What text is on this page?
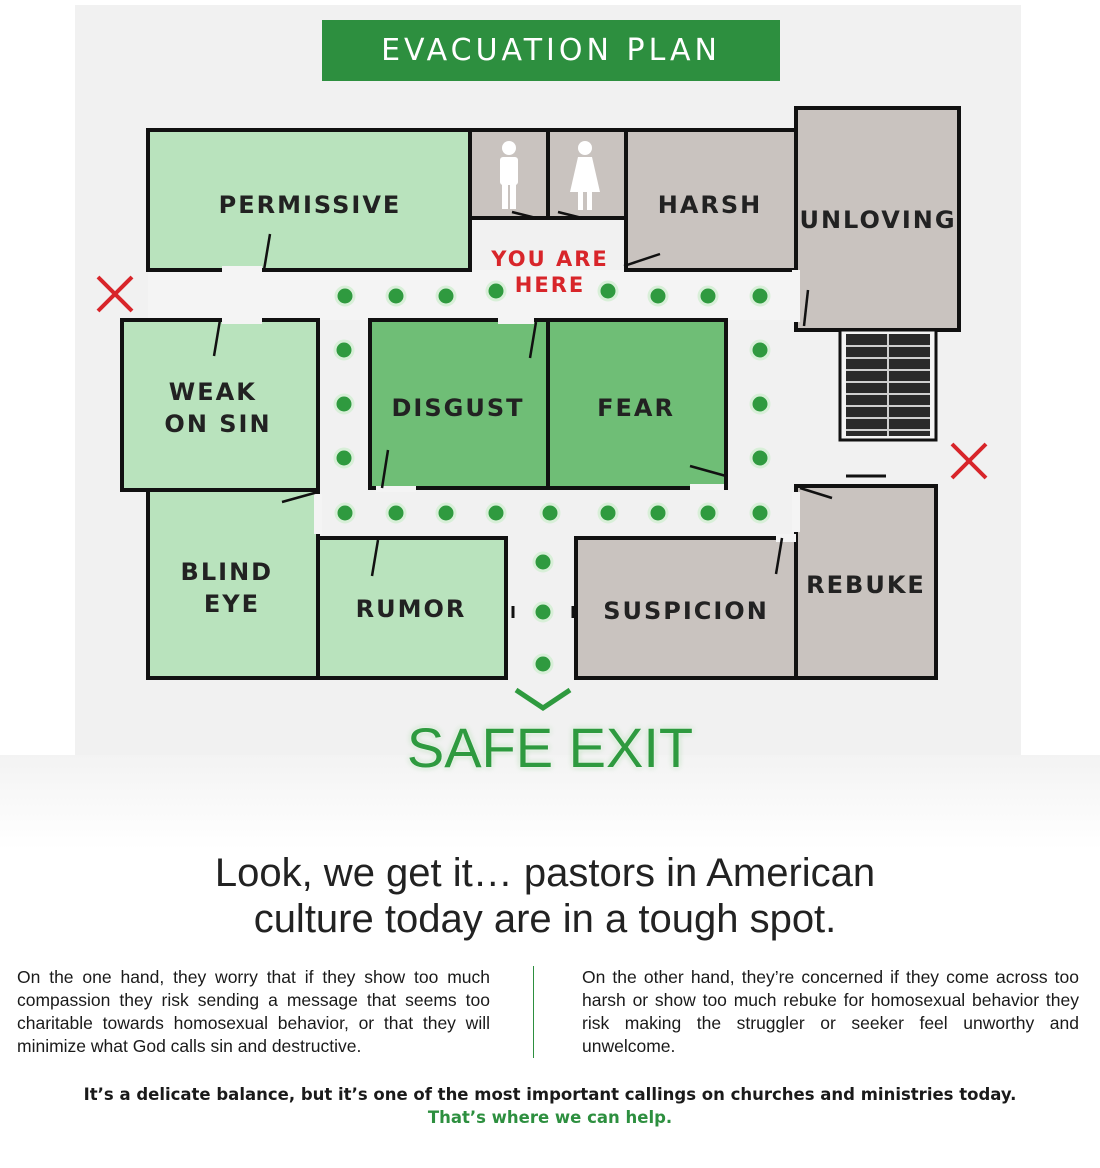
PERMISSIVE	HARSH
UNLOVING
WEAK ON SIN
DISGUST	FEAR
BLIND EYE	RUMOR	SUSPICION
REBUKE
EVACUATION PLAN
YOU ARE
HERE
SAFE EXIT
Look, we get it… pastors in American
culture today are in a tough spot.
On the one hand, they worry that if they show too much compassion they risk sending a message that seems too charitable towards homosexual behavior, or that they will minimize what God calls sin and destructive.
On the other hand, they’re concerned if they come across too harsh or show too much rebuke for homosexual behavior they risk making the struggler or seeker feel unworthy and unwelcome.
It’s a delicate balance, but it’s one of the most important callings on churches and ministries today.
That’s where we can help.
